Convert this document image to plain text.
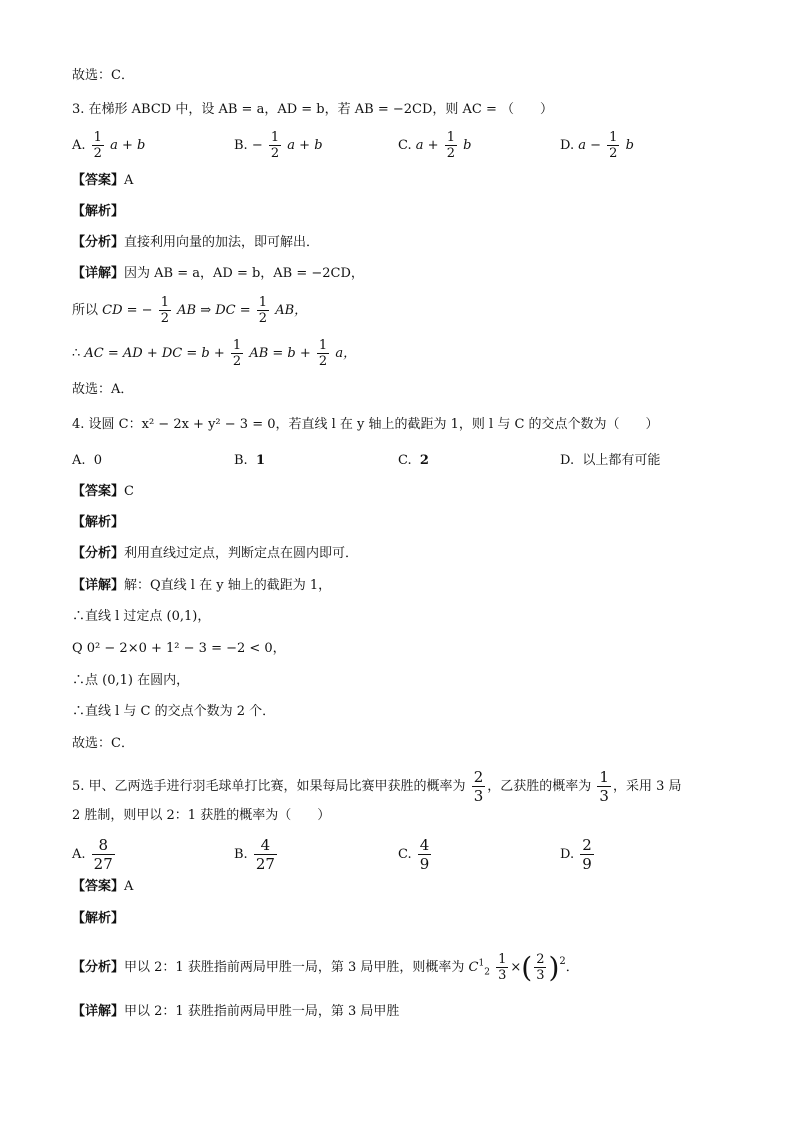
故选：C．
3. 在梯形 ABCD 中，设 AB = a，AD = b，若 AB = −2CD，则 AC = （　　）
A. $\frac{1}{2}$ a + b	B. − $\frac{1}{2}$ a + b	C. $a + \frac{1}{2}$ b	D. $a - \frac{1}{2}$ b
【答案】A
【解析】
【分析】直接利用向量的加法，即可解出．
【详解】因为 AB = a，AD = b，AB = −2CD，
所以 CD = − $\frac{1}{2}$ AB ⇒ DC = $\frac{1}{2}$ AB，
∴ AC = AD + DC = $b + \frac{1}{2}$ AB = $b + \frac{1}{2}$ a，
故选：A．
4. 设圆 C：x² − 2x + y² − 3 = 0，若直线 l 在 y 轴上的截距为 1，则 l 与 C 的交点个数为（　　）
A. 0	B. 1	C. 2	D. 以上都有可能
【答案】C
【解析】
【分析】利用直线过定点，判断定点在圆内即可．
【详解】解：Q直线 l 在 y 轴上的截距为 1，
∴直线 l 过定点 (0,1)，
Q 0² − 2×0 + 1² − 3 = −2 < 0，
∴点 (0,1) 在圆内，
∴直线 l 与 C 的交点个数为 2 个．
故选：C．
5. 甲、乙两选手进行羽毛球单打比赛，如果每局比赛甲获胜的概率为 $\frac{2}{3}$ ，乙获胜的概率为 $\frac{1}{3}$ ，采用 3 局
2 胜制，则甲以 2：1 获胜的概率为（　　）
A. $\frac{8}{27}$	B. $\frac{4}{27}$	C. $\frac{4}{9}$	D. $\frac{2}{9}$
【答案】A
【解析】
【分析】甲以 2：1 获胜指前两局甲胜一局，第 3 局甲胜，则概率为 $C^1_2 \frac{1}{3}$ ×( $\frac{2}{3} )^2$．
【详解】甲以 2：1 获胜指前两局甲胜一局，第 3 局甲胜
